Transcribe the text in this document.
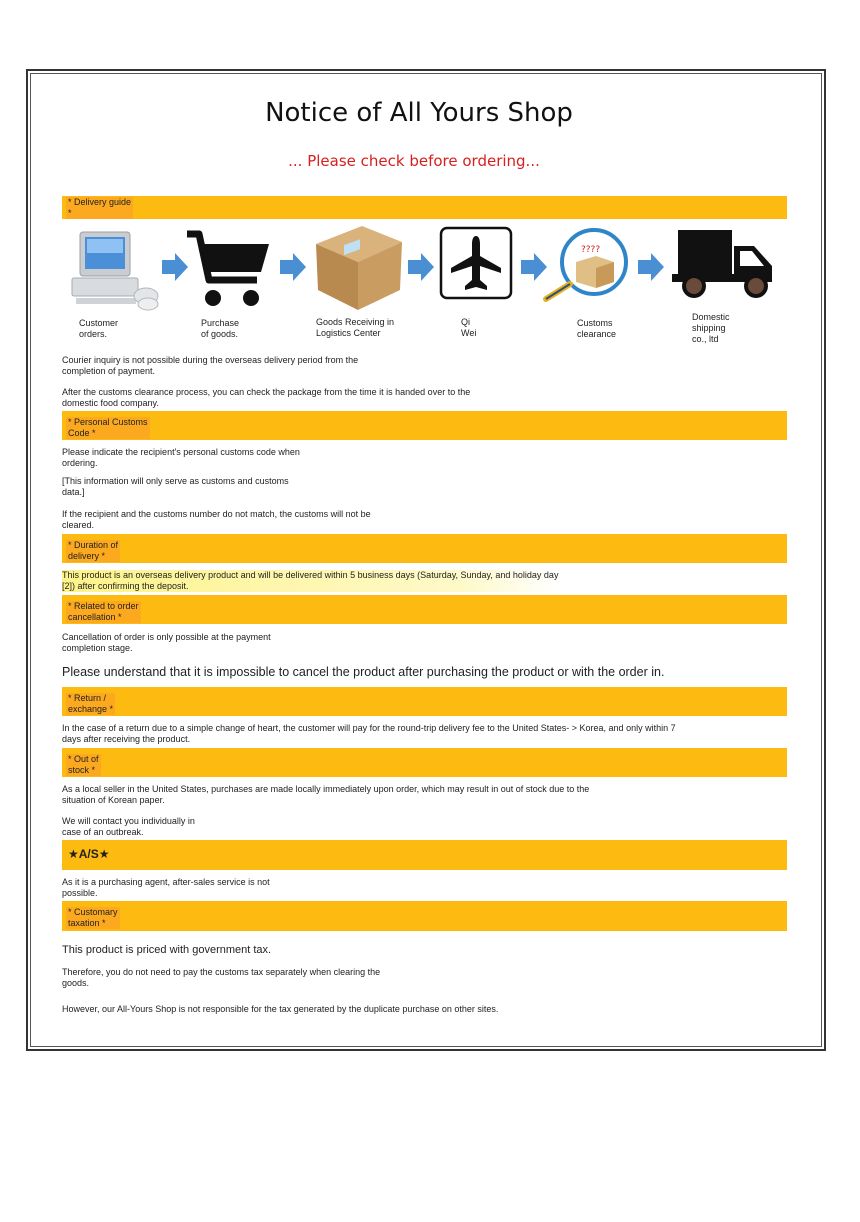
Notice of All Yours Shop
... Please check before ordering...
* Delivery guide
*
????
Customer
orders.
Purchase
of goods.
Goods Receiving in
Logistics Center
Qi
Wei
Customs
clearance
Domestic
shipping
co., ltd
Courier inquiry is not possible during the overseas delivery period from the
completion of payment.
After the customs clearance process, you can check the package from the time it is handed over to the
domestic food company.
* Personal Customs
Code *
Please indicate the recipient's personal customs code when
ordering.
[This information will only serve as customs and customs
data.]
If the recipient and the customs number do not match, the customs will not be
cleared.
* Duration of
delivery *
This product is an overseas delivery product and will be delivered within 5 business days (Saturday, Sunday, and holiday day
[2]) after confirming the deposit.
* Related to order
cancellation *
Cancellation of order is only possible at the payment
completion stage.
Please understand that it is impossible to cancel the product after purchasing the product or with the order in.
* Return /
exchange *
In the case of a return due to a simple change of heart, the customer will pay for the round-trip delivery fee to the United States- > Korea, and only within 7
days after receiving the product.
* Out of
stock *
As a local seller in the United States, purchases are made locally immediately upon order, which may result in out of stock due to the
situation of Korean paper.
We will contact you individually in
case of an outbreak.
★A/S★
As it is a purchasing agent, after-sales service is not
possible.
* Customary
taxation *
This product is priced with government tax.
Therefore, you do not need to pay the customs tax separately when clearing the
goods.
However, our All-Yours Shop is not responsible for the tax generated by the duplicate purchase on other sites.
